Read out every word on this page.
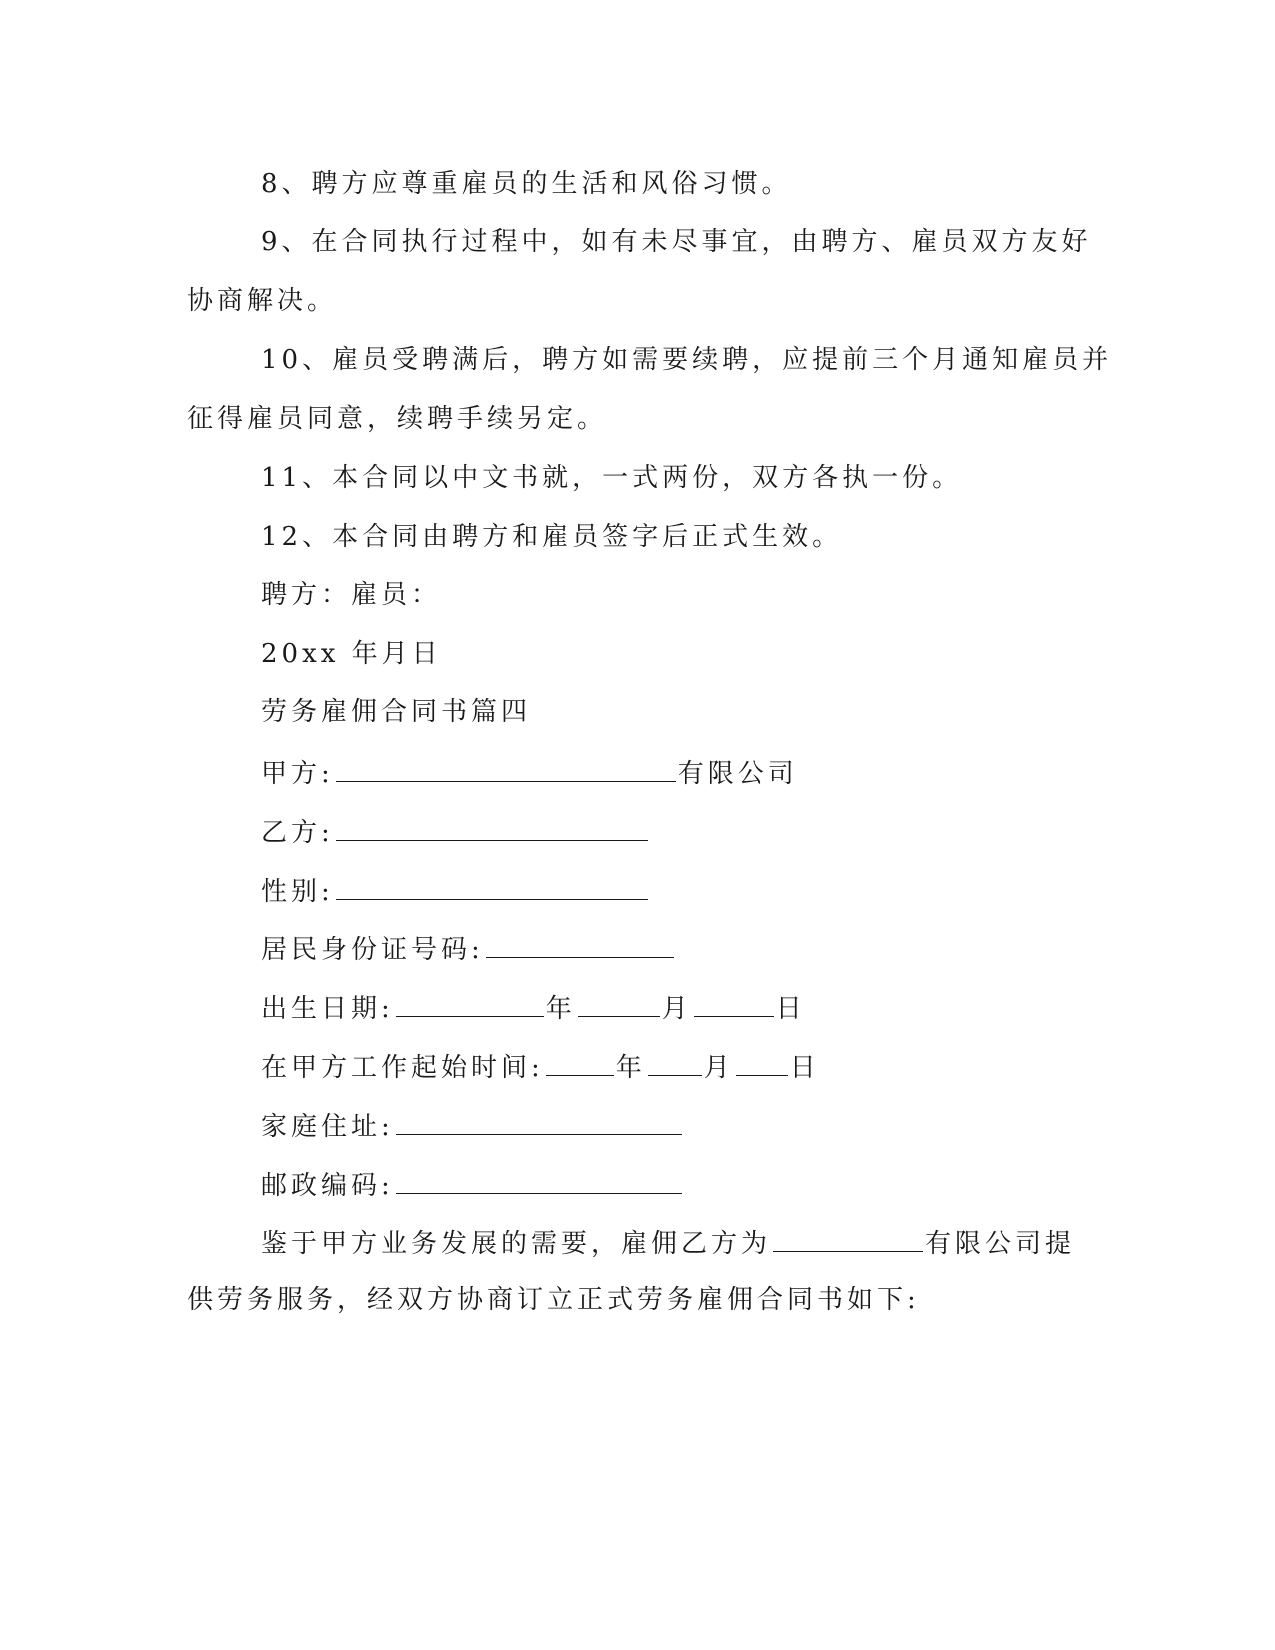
8、聘方应尊重雇员的生活和风俗习惯。
9、在合同执行过程中，如有未尽事宜，由聘方、雇员双方友好
协商解决。
10、雇员受聘满后，聘方如需要续聘，应提前三个月通知雇员并
征得雇员同意，续聘手续另定。
11、本合同以中文书就，一式两份，双方各执一份。
12、本合同由聘方和雇员签字后正式生效。
聘方：雇员：
20xx 年月日
劳务雇佣合同书篇四
甲方:	有限公司
乙方:
性别:
居民身份证号码:
出生日期:	年	月	日
在甲方工作起始时间:	年 月 日
家庭住址:
邮政编码:
鉴于甲方业务发展的需要，雇佣乙方为	有限公司提
供劳务服务，经双方协商订立正式劳务雇佣合同书如下:
